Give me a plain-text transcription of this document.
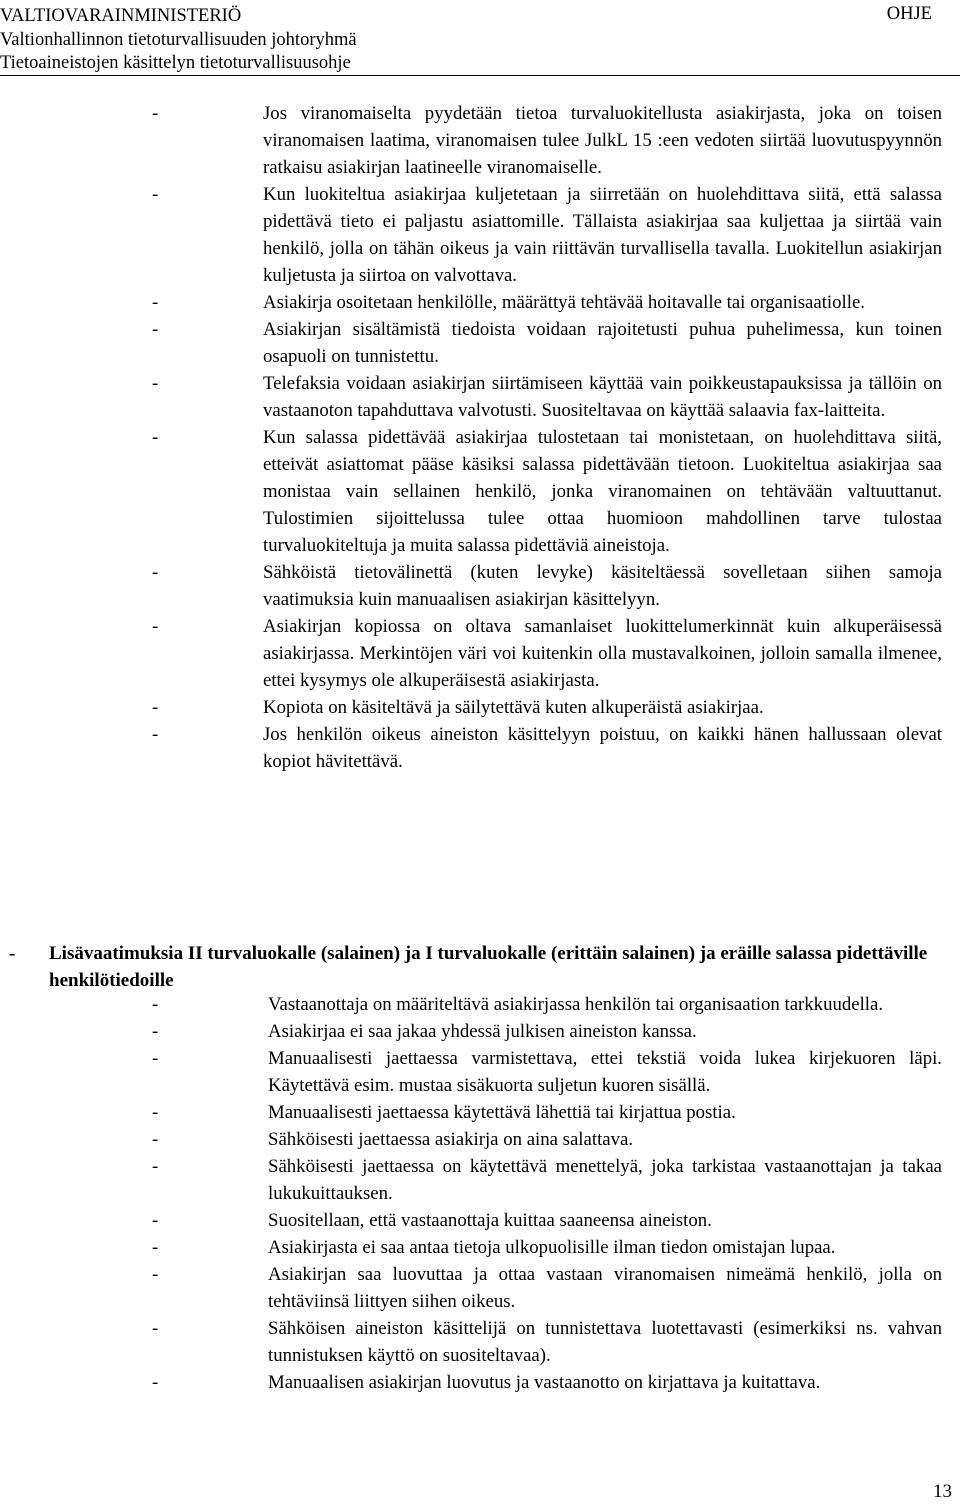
VALTIOVARAINMINISTERIÖ
Valtionhallinnon tietoturvallisuuden johtoryhmä
Tietoaineistojen käsittelyn tietoturvallisuusohje
OHJE
-	Jos viranomaiselta pyydetään tietoa turvaluokitellusta asiakirjasta, joka on toisen viranomaisen laatima, viranomaisen tulee JulkL 15 :een vedoten siirtää luovutuspyynnön ratkaisu asiakirjan laatineelle viranomaiselle.
-	Kun luokiteltua asiakirjaa kuljetetaan ja siirretään on huolehdittava siitä, että salassa pidettävä tieto ei paljastu asiattomille. Tällaista asiakirjaa saa kuljettaa ja siirtää vain henkilö, jolla on tähän oikeus ja vain riittävän turvallisella tavalla. Luokitellun asiakirjan kuljetusta ja siirtoa on valvottava.
-	Asiakirja osoitetaan henkilölle, määrättyä tehtävää hoitavalle tai organisaatiolle.
-	Asiakirjan sisältämistä tiedoista voidaan rajoitetusti puhua puhelimessa, kun toinen osapuoli on tunnistettu.
-	Telefaksia voidaan asiakirjan siirtämiseen käyttää vain poikkeustapauksissa ja tällöin on vastaanoton tapahduttava valvotusti. Suositeltavaa on käyttää salaavia fax-laitteita.
-	Kun salassa pidettävää asiakirjaa tulostetaan tai monistetaan, on huolehdittava siitä, etteivät asiattomat pääse käsiksi salassa pidettävään tietoon. Luokiteltua asiakirjaa saa monistaa vain sellainen henkilö, jonka viranomainen on tehtävään valtuuttanut. Tulostimien sijoittelussa tulee ottaa huomioon mahdollinen tarve tulostaa turvaluokiteltuja ja muita salassa pidettäviä aineistoja.
-	Sähköistä tietovälinettä (kuten levyke) käsiteltäessä sovelletaan siihen samoja vaatimuksia kuin manuaalisen asiakirjan käsittelyyn.
-	Asiakirjan kopiossa on oltava samanlaiset luokittelumerkinnät kuin alkuperäisessä asiakirjassa. Merkintöjen väri voi kuitenkin olla mustavalkoinen, jolloin samalla ilmenee, ettei kysymys ole alkuperäisestä asiakirjasta.
-	Kopiota on käsiteltävä ja säilytettävä kuten alkuperäistä asiakirjaa.
-	Jos henkilön oikeus aineiston käsittelyyn poistuu, on kaikki hänen hallussaan olevat kopiot hävitettävä.
-	Lisävaatimuksia II turvaluokalle (salainen) ja I turvaluokalle (erittäin salainen) ja eräille salassa pidettäville henkilötiedoille
-	Vastaanottaja on määriteltävä asiakirjassa henkilön tai organisaation tarkkuudella.
-	Asiakirjaa ei saa jakaa yhdessä julkisen aineiston kanssa.
-	Manuaalisesti jaettaessa varmistettava, ettei tekstiä voida lukea kirjekuoren läpi. Käytettävä esim. mustaa sisäkuorta suljetun kuoren sisällä.
-	Manuaalisesti jaettaessa käytettävä lähettiä tai kirjattua postia.
-	Sähköisesti jaettaessa asiakirja on aina salattava.
-	Sähköisesti jaettaessa on käytettävä menettelyä, joka tarkistaa vastaanottajan ja takaa lukukuittauksen.
-	Suositellaan, että vastaanottaja kuittaa saaneensa aineiston.
-	Asiakirjasta ei saa antaa tietoja ulkopuolisille ilman tiedon omistajan lupaa.
-	Asiakirjan saa luovuttaa ja ottaa vastaan viranomaisen nimeämä henkilö, jolla on tehtäviinsä liittyen siihen oikeus.
-	Sähköisen aineiston käsittelijä on tunnistettava luotettavasti (esimerkiksi ns. vahvan tunnistuksen käyttö on suositeltavaa).
-	Manuaalisen asiakirjan luovutus ja vastaanotto on kirjattava ja kuitattava.
13
